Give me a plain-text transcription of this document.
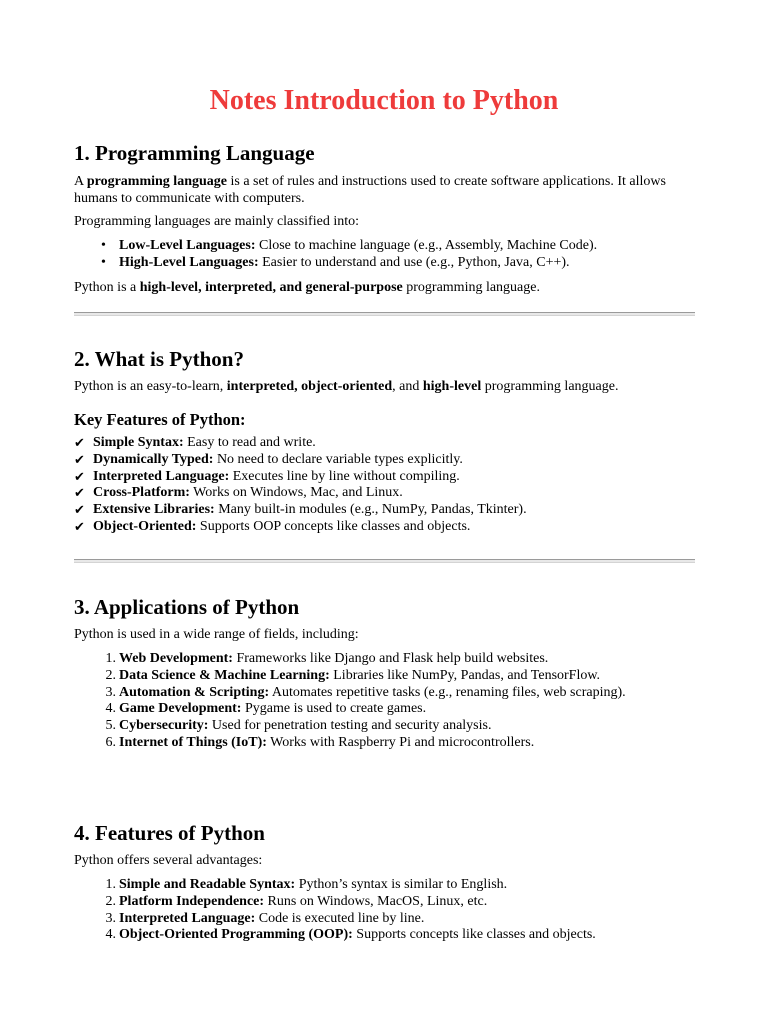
Notes Introduction to Python
1. Programming Language

A programming language is a set of rules and instructions used to create software applications. It allows humans to communicate with computers.

Programming languages are mainly classified into:

• Low-Level Languages: Close to machine language (e.g., Assembly, Machine Code).
• High-Level Languages: Easier to understand and use (e.g., Python, Java, C++).

Python is a high-level, interpreted, and general-purpose programming language.

2. What is Python?

Python is an easy-to-learn, interpreted, object-oriented, and high-level programming language.

Key Features of Python:
✔ Simple Syntax: Easy to read and write.
✔ Dynamically Typed: No need to declare variable types explicitly.
✔ Interpreted Language: Executes line by line without compiling.
✔ Cross-Platform: Works on Windows, Mac, and Linux.
✔ Extensive Libraries: Many built-in modules (e.g., NumPy, Pandas, Tkinter).
✔ Object-Oriented: Supports OOP concepts like classes and objects.
3. Applications of Python

Python is used in a wide range of fields, including:

1. Web Development: Frameworks like Django and Flask help build websites.
2. Data Science & Machine Learning: Libraries like NumPy, Pandas, and TensorFlow.
3. Automation & Scripting: Automates repetitive tasks (e.g., renaming files, web scraping).
4. Game Development: Pygame is used to create games.
5. Cybersecurity: Used for penetration testing and security analysis.
6. Internet of Things (IoT): Works with Raspberry Pi and microcontrollers.
4. Features of Python

Python offers several advantages:

1. Simple and Readable Syntax: Python’s syntax is similar to English.
2. Platform Independence: Runs on Windows, MacOS, Linux, etc.
3. Interpreted Language: Code is executed line by line.
4. Object-Oriented Programming (OOP): Supports concepts like classes and objects.
